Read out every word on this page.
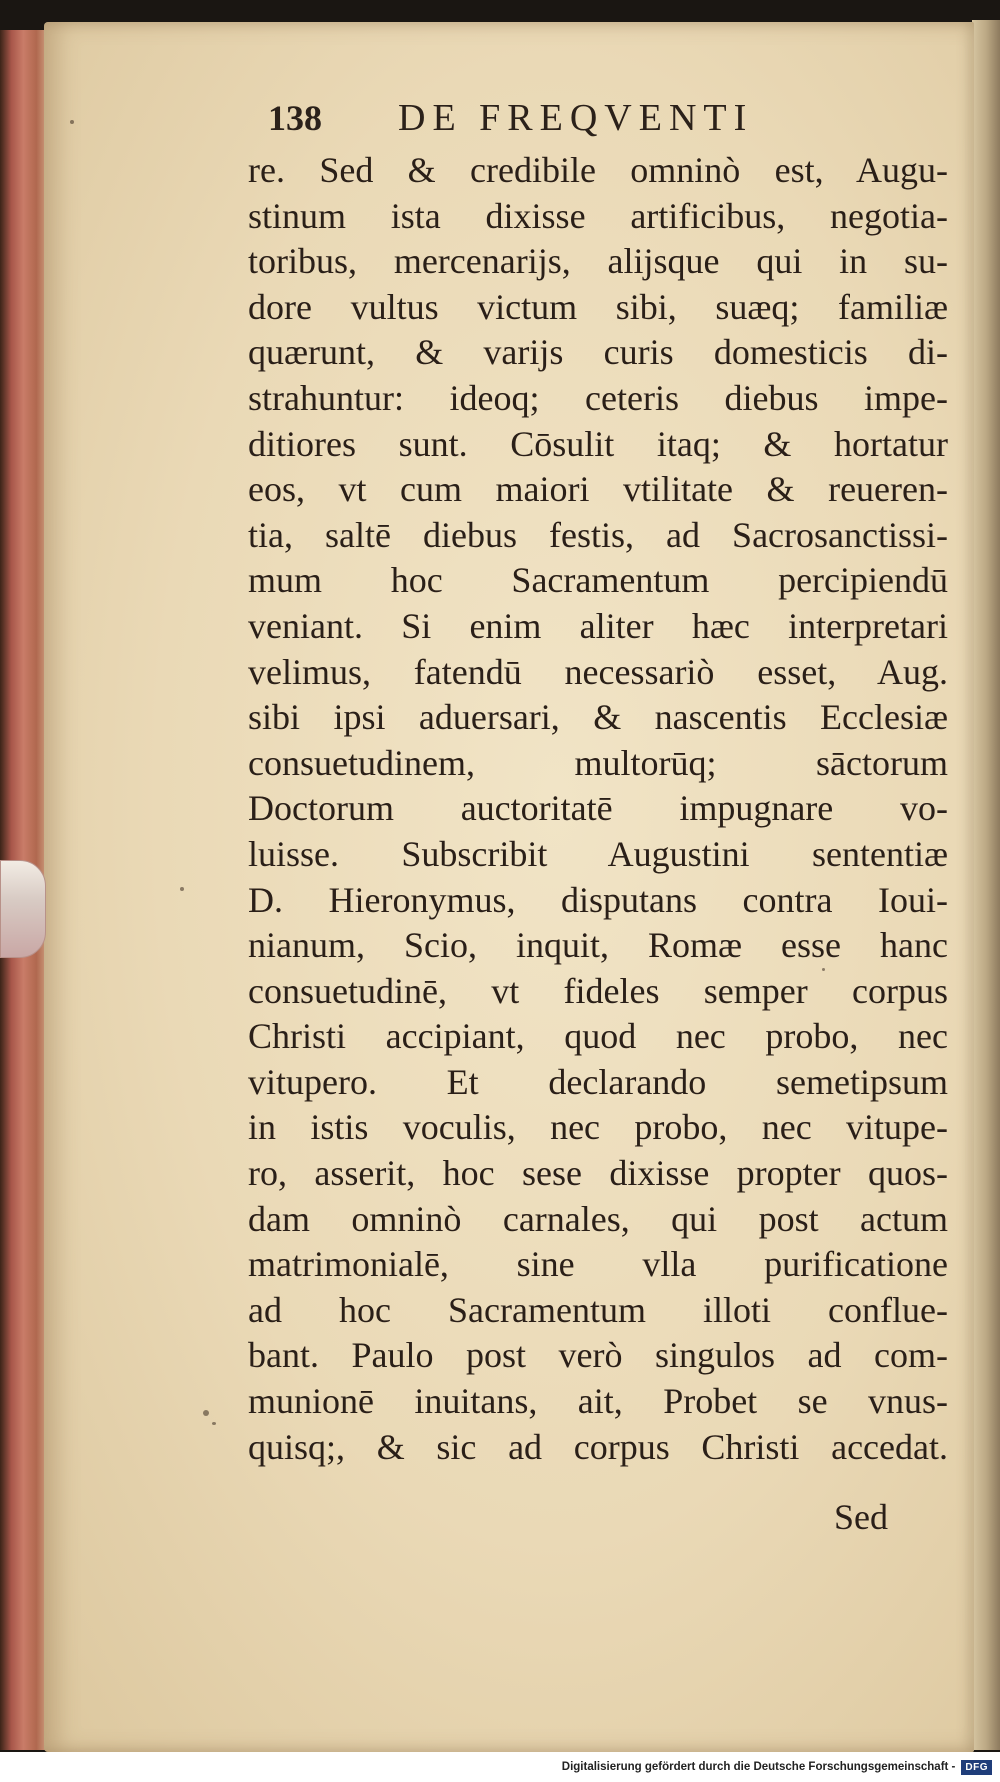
138	DE FREQVENTI
re. Sed & credibile omninò est, Augu-
stinum ista dixisse artificibus, negotia-
toribus, mercenarijs, alijsque qui in su-
dore vultus victum sibi, suæq; familiæ
quærunt, & varijs curis domesticis di-
strahuntur: ideoq; ceteris diebus impe-
ditiores sunt. Cōsulit itaq; & hortatur
eos, vt cum maiori vtilitate & reueren-
tia, saltē diebus festis, ad Sacrosanctissi-
mum hoc Sacramentum percipiendū
veniant. Si enim aliter hæc interpretari
velimus, fatendū necessariò esset, Aug.
sibi ipsi aduersari, & nascentis Ecclesiæ
consuetudinem, multorūq; sāctorum
Doctorum auctoritatē impugnare vo-
luisse. Subscribit Augustini sententiæ
D. Hieronymus, disputans contra Ioui-
nianum, Scio, inquit, Romæ esse hanc
consuetudinē, vt fideles semper corpus
Christi accipiant, quod nec probo, nec
vitupero. Et declarando semetipsum
in istis voculis, nec probo, nec vitupe-
ro, asserit, hoc sese dixisse propter quos-
dam omninò carnales, qui post actum
matrimonialē, sine vlla purificatione
ad hoc Sacramentum illoti conflue-
bant. Paulo post verò singulos ad com-
munionē inuitans, ait, Probet se vnus-
quisq;, & sic ad corpus Christi accedat.
Sed
Digitalisierung gefördert durch die Deutsche Forschungsgemeinschaft -	DFG
